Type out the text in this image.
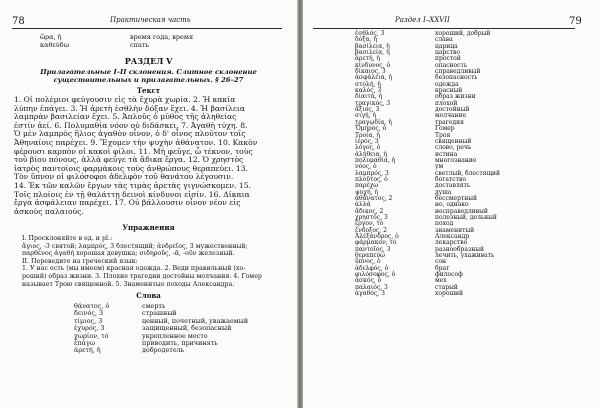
78	Практическая часть
ὥρα, ἡ	время года, время
καθεύδω	спать
РАЗДЕЛ V
Прилагательные I–II склонения. Слитное склонение
существительных и прилагательных. § 26–27
Текст
1. Οἱ πολέμιοι φεύγουσιν εἰς τὰ ἔχυρὰ χωρία. 2. Ἡ κακία
λύπην ἐπάγει. 3. Ἡ ἀρετὴ ἐσθλὴν δόξαν ἔχει. 4. Ἡ βασίλεια
λαμπρὰν βασιλείαν ἔχει. 5. Ἁπλοῦς ὁ μῦθος τῆς ἀληθείας
ἐστίν ἀεί. 6. Πολυμαθία νόον οὐ διδάσκει. 7. Ἀγαθὴ τύχη. 8.
Ὁ μὲν λαμπρὸς ἥλιος ἀγαθὸν οἶνον, ὁ δ' οἶνος πλοῦτον τοῖς
Ἀθηναίοις παρέχει. 9. Ἔχομεν τὴν ψυχὴν ἀθάνατον. 10. Κακὸν
φέρουσι καρπὸν οἱ κακοὶ φίλοι. 11. Μὴ φεῦγε, ὦ τέκνον, τοὺς
τοῦ βίου πόνους, ἀλλὰ φεῦγε τὰ ἄδικα ἔργα. 12. Ὁ χρηστὸς
ἰατρὸς παντοίοις φαρμάκοις τοὺς ἀνθρώπους θεραπεύει. 13.
Τὸν ὕπνον οἱ φιλόσοφοι ἀδελφὸν τοῦ θανάτου λέγουσιν.
14. Ἐκ τῶν καλῶν ἔργων τὰς τιμὰς ἀρετὰς γιγνώσκομεν. 15.
Τοῖς πλοίοις ἐν τῇ θαλάττῃ δεινοὶ κίνδυνοι εἰσίν. 16. Δίκαια
ἔργα ἀσφάλειαν παρέχει. 17. Οὐ βάλλουσιν οἶνον νέον εἰς
ἀσκοὺς παλαιούς.
Упражнения
I. Просклоняйте в ед. и pl.:
ἄγιος, -3 святой; λαμπρός, 3 блестящий; ἀνδρεῖος, 3 мужественный;
παρθένος ἀγαθή хорошая девушка; σιδηροῦς, -ᾶ, -οῦν железный.
II. Переведите на греческий язык:
1. У нас есть (мы имеем) красная одежда. 2. Веди правильный (хо-
роший) образ жизни. 3. Плохие трагедии достойны молчания. 4. Гомер
называет Трою священной. 5. Знаменитые походы Александра.
Слова
θάνατος, ὁ	смерть
δεινός, 3	страшный
τίμιος, 3	ценный, почетный, уважаемый
ἐχυρός, 3	защищенный, безопасный
χωρίον, τό	укрепленное место
ἐπάγω	приводить, причинять
ἀρετή, ἡ	добродетель
Раздел I–XXVII	79
ἐσθλός, 3	хороший, добрый
δόξα, ἡ	слава
βασίλεια, ἡ	царица
βασιλεία, ἡ	царство
ἀρετή, ἡ	простой
κίνδυνος, ὁ	опасность
δίκαιος, 3	справедливый
ἀσφάλεια, ἡ	безопасность
στολή, ἡ	одежда
καλός, 3	красный
δίαιτα, ἡ	образ жизни
τραγικός, 3	плохой
ἄξιος, 3	достойный
σιγή, ἡ	молчание
τραγῳδία, ἡ	трагедия
Ὅμηρος, ὁ	Гомер
Τροία, ἡ	Троя
ἱερός, 3	священный
λόγος, ὁ	слово, речь
ἀλήθεια, ἡ	истина
πολυμαθία, ἡ	многознание
νόος, ὁ	ум
λαμπρός, 3	светлый, блестящий
πλοῦτος, ὁ	богатство
παρέχω	доставлять
ψυχή, ἡ	душа
ἀθάνατος, 2	бессмертный
ἀλλά	но, однако
ἄδικος, 2	несправедливый
χρηστός, 3	полезный, дельный
ἔργον, τό	поход
ἔνδοξος, 2	знаменитый
Ἀλέξανδρος, ὁ	Александр
φάρμακον, τό	лекарство
παντοῖος, 3	разнообразный
θεραπεύω	лечить, ухаживать
ὕπνος, ὁ	сон
ἀδελφός, ὁ	брат
φιλόσοφος, ὁ	философ
ἀσκός, ὁ	мех
παλαιός, 3	старый
ἀγαθός, 3	хороший
